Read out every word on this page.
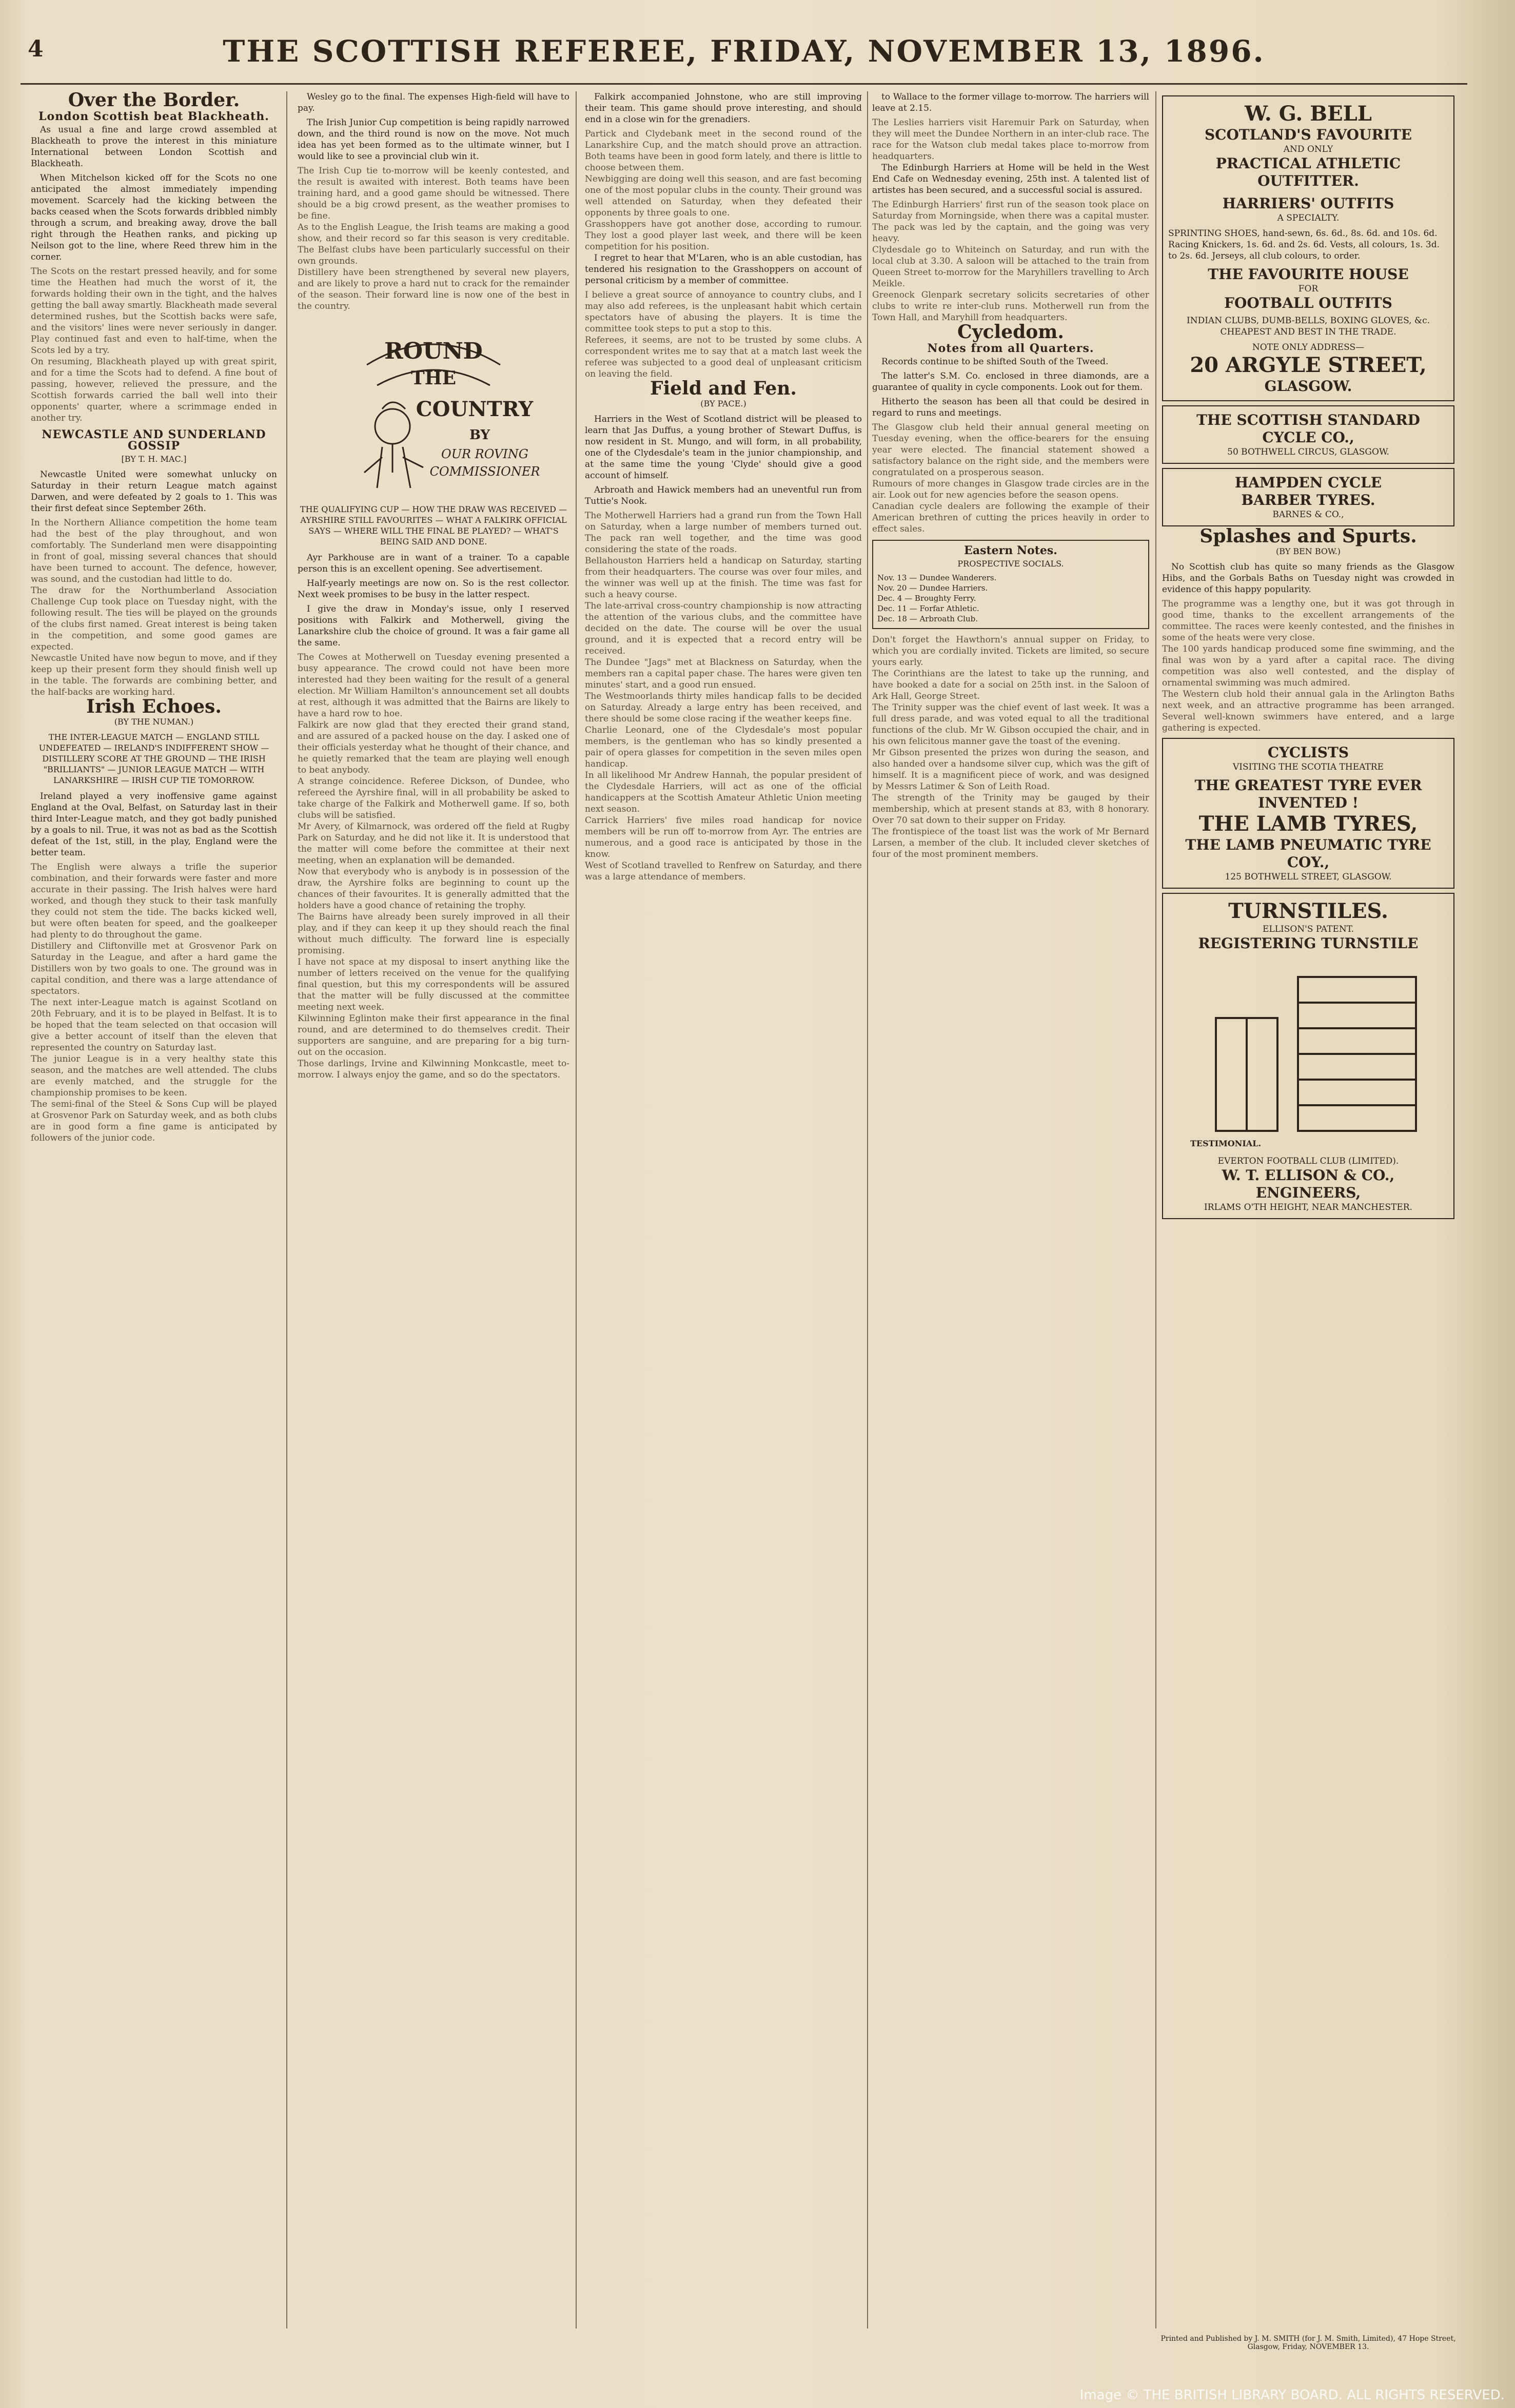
4	THE SCOTTISH REFEREE, FRIDAY, NOVEMBER 13, 1896.
Over the Border.
London Scottish beat Blackheath.

As usual a fine and large crowd assembled at Blackheath to prove the interest in this miniature International between London Scottish and Blackheath.

When Mitchelson kicked off for the Scots no one anticipated the almost immediately impending movement. Scarcely had the kicking between the backs ceased when the Scots forwards dribbled nimbly through a scrum, and breaking away, drove the ball right through the Heathen ranks, and picking up Neilson got to the line, where Reed threw him in the corner.

The Scots on the restart pressed heavily, and for some time the Heathen had much the worst of it, the forwards holding their own in the tight, and the halves getting the ball away smartly. Blackheath made several determined rushes, but the Scottish backs were safe, and the visitors' lines were never seriously in danger. Play continued fast and even to half-time, when the Scots led by a try.

On resuming, Blackheath played up with great spirit, and for a time the Scots had to defend. A fine bout of passing, however, relieved the pressure, and the Scottish forwards carried the ball well into their opponents' quarter, where a scrimmage ended in another try.

NEWCASTLE AND SUNDERLAND GOSSIP
[BY T. H. MAC.]

Newcastle United were somewhat unlucky on Saturday in their return League match against Darwen, and were defeated by 2 goals to 1. This was their first defeat since September 26th.

In the Northern Alliance competition the home team had the best of the play throughout, and won comfortably. The Sunderland men were disappointing in front of goal, missing several chances that should have been turned to account. The defence, however, was sound, and the custodian had little to do.

The draw for the Northumberland Association Challenge Cup took place on Tuesday night, with the following result. The ties will be played on the grounds of the clubs first named. Great interest is being taken in the competition, and some good games are expected.

Newcastle United have now begun to move, and if they keep up their present form they should finish well up in the table. The forwards are combining better, and the half-backs are working hard.

Irish Echoes.
(BY THE NUMAN.)
THE INTER-LEAGUE MATCH — ENGLAND STILL UNDEFEATED — IRELAND'S INDIFFERENT SHOW — DISTILLERY SCORE AT THE GROUND — THE IRISH "BRILLIANTS" — JUNIOR LEAGUE MATCH — WITH LANARKSHIRE — IRISH CUP TIE TOMORROW.

Ireland played a very inoffensive game against England at the Oval, Belfast, on Saturday last in their third Inter-League match, and they got badly punished by a goals to nil. True, it was not as bad as the Scottish defeat of the 1st, still, in the play, England were the better team.

The English were always a trifle the superior combination, and their forwards were faster and more accurate in their passing. The Irish halves were hard worked, and though they stuck to their task manfully they could not stem the tide. The backs kicked well, but were often beaten for speed, and the goalkeeper had plenty to do throughout the game.

Distillery and Cliftonville met at Grosvenor Park on Saturday in the League, and after a hard game the Distillers won by two goals to one. The ground was in capital condition, and there was a large attendance of spectators.

The next inter-League match is against Scotland on 20th February, and it is to be played in Belfast. It is to be hoped that the team selected on that occasion will give a better account of itself than the eleven that represented the country on Saturday last.

The junior League is in a very healthy state this season, and the matches are well attended. The clubs are evenly matched, and the struggle for the championship promises to be keen.

The semi-final of the Steel & Sons Cup will be played at Grosvenor Park on Saturday week, and as both clubs are in good form a fine game is anticipated by followers of the junior code.

Wesley go to the final. The expenses High-field will have to pay.

The Irish Junior Cup competition is being rapidly narrowed down, and the third round is now on the move. Not much idea has yet been formed as to the ultimate winner, but I would like to see a provincial club win it.

The Irish Cup tie to-morrow will be keenly contested, and the result is awaited with interest. Both teams have been training hard, and a good game should be witnessed. There should be a big crowd present, as the weather promises to be fine.

As to the English League, the Irish teams are making a good show, and their record so far this season is very creditable. The Belfast clubs have been particularly successful on their own grounds.

Distillery have been strengthened by several new players, and are likely to prove a hard nut to crack for the remainder of the season. Their forward line is now one of the best in the country.

ROUND
THE
COUNTRY
BY
OUR ROVING
COMMISSIONER
THE QUALIFYING CUP — HOW THE DRAW WAS RECEIVED — AYRSHIRE STILL FAVOURITES — WHAT A FALKIRK OFFICIAL SAYS — WHERE WILL THE FINAL BE PLAYED? — WHAT'S BEING SAID AND DONE.

Ayr Parkhouse are in want of a trainer. To a capable person this is an excellent opening. See advertisement.

Half-yearly meetings are now on. So is the rest collector. Next week promises to be busy in the latter respect.

I give the draw in Monday's issue, only I reserved positions with Falkirk and Motherwell, giving the Lanarkshire club the choice of ground. It was a fair game all the same.

The Cowes at Motherwell on Tuesday evening presented a busy appearance. The crowd could not have been more interested had they been waiting for the result of a general election. Mr William Hamilton's announcement set all doubts at rest, although it was admitted that the Bairns are likely to have a hard row to hoe.

Falkirk are now glad that they erected their grand stand, and are assured of a packed house on the day. I asked one of their officials yesterday what he thought of their chance, and he quietly remarked that the team are playing well enough to beat anybody.

A strange coincidence. Referee Dickson, of Dundee, who refereed the Ayrshire final, will in all probability be asked to take charge of the Falkirk and Motherwell game. If so, both clubs will be satisfied.

Mr Avery, of Kilmarnock, was ordered off the field at Rugby Park on Saturday, and he did not like it. It is understood that the matter will come before the committee at their next meeting, when an explanation will be demanded.

Now that everybody who is anybody is in possession of the draw, the Ayrshire folks are beginning to count up the chances of their favourites. It is generally admitted that the holders have a good chance of retaining the trophy.

The Bairns have already been surely improved in all their play, and if they can keep it up they should reach the final without much difficulty. The forward line is especially promising.

I have not space at my disposal to insert anything like the number of letters received on the venue for the qualifying final question, but this my correspondents will be assured that the matter will be fully discussed at the committee meeting next week.

Kilwinning Eglinton make their first appearance in the final round, and are determined to do themselves credit. Their supporters are sanguine, and are preparing for a big turn-out on the occasion.

Those darlings, Irvine and Kilwinning Monkcastle, meet to-morrow. I always enjoy the game, and so do the spectators.

Falkirk accompanied Johnstone, who are still improving their team. This game should prove interesting, and should end in a close win for the grenadiers.

Partick and Clydebank meet in the second round of the Lanarkshire Cup, and the match should prove an attraction. Both teams have been in good form lately, and there is little to choose between them.

Newbigging are doing well this season, and are fast becoming one of the most popular clubs in the county. Their ground was well attended on Saturday, when they defeated their opponents by three goals to one.

Grasshoppers have got another dose, according to rumour. They lost a good player last week, and there will be keen competition for his position.

I regret to hear that M'Laren, who is an able custodian, has tendered his resignation to the Grasshoppers on account of personal criticism by a member of committee.

I believe a great source of annoyance to country clubs, and I may also add referees, is the unpleasant habit which certain spectators have of abusing the players. It is time the committee took steps to put a stop to this.

Referees, it seems, are not to be trusted by some clubs. A correspondent writes me to say that at a match last week the referee was subjected to a good deal of unpleasant criticism on leaving the field.

Field and Fen.
(BY PACE.)

Harriers in the West of Scotland district will be pleased to learn that Jas Duffus, a young brother of Stewart Duffus, is now resident in St. Mungo, and will form, in all probability, one of the Clydesdale's team in the junior championship, and at the same time the young 'Clyde' should give a good account of himself.

Arbroath and Hawick members had an uneventful run from Tuttie's Nook.

The Motherwell Harriers had a grand run from the Town Hall on Saturday, when a large number of members turned out. The pack ran well together, and the time was good considering the state of the roads.

Bellahouston Harriers held a handicap on Saturday, starting from their headquarters. The course was over four miles, and the winner was well up at the finish. The time was fast for such a heavy course.

The late-arrival cross-country championship is now attracting the attention of the various clubs, and the committee have decided on the date. The course will be over the usual ground, and it is expected that a record entry will be received.

The Dundee "Jags" met at Blackness on Saturday, when the members ran a capital paper chase. The hares were given ten minutes' start, and a good run ensued.

The Westmoorlands thirty miles handicap falls to be decided on Saturday. Already a large entry has been received, and there should be some close racing if the weather keeps fine.

Charlie Leonard, one of the Clydesdale's most popular members, is the gentleman who has so kindly presented a pair of opera glasses for competition in the seven miles open handicap.

In all likelihood Mr Andrew Hannah, the popular president of the Clydesdale Harriers, will act as one of the official handicappers at the Scottish Amateur Athletic Union meeting next season.

Carrick Harriers' five miles road handicap for novice members will be run off to-morrow from Ayr. The entries are numerous, and a good race is anticipated by those in the know.

West of Scotland travelled to Renfrew on Saturday, and there was a large attendance of members.

to Wallace to the former village to-morrow. The harriers will leave at 2.15.

The Leslies harriers visit Haremuir Park on Saturday, when they will meet the Dundee Northern in an inter-club race. The race for the Watson club medal takes place to-morrow from headquarters.

The Edinburgh Harriers at Home will be held in the West End Cafe on Wednesday evening, 25th inst. A talented list of artistes has been secured, and a successful social is assured.

The Edinburgh Harriers' first run of the season took place on Saturday from Morningside, when there was a capital muster. The pack was led by the captain, and the going was very heavy.

Clydesdale go to Whiteinch on Saturday, and run with the local club at 3.30. A saloon will be attached to the train from Queen Street to-morrow for the Maryhillers travelling to Arch Meikle.

Greenock Glenpark secretary solicits secretaries of other clubs to write re inter-club runs. Motherwell run from the Town Hall, and Maryhill from headquarters.

Cycledom.
Notes from all Quarters.

Records continue to be shifted South of the Tweed.

The latter's S.M. Co. enclosed in three diamonds, are a guarantee of quality in cycle components. Look out for them.

Hitherto the season has been all that could be desired in regard to runs and meetings.

The Glasgow club held their annual general meeting on Tuesday evening, when the office-bearers for the ensuing year were elected. The financial statement showed a satisfactory balance on the right side, and the members were congratulated on a prosperous season.

Rumours of more changes in Glasgow trade circles are in the air. Look out for new agencies before the season opens.

Canadian cycle dealers are following the example of their American brethren of cutting the prices heavily in order to effect sales.

Eastern Notes.
PROSPECTIVE SOCIALS.
Nov. 13 — Dundee Wanderers.
Nov. 20 — Dundee Harriers.
Dec. 4 — Broughty Ferry.
Dec. 11 — Forfar Athletic.
Dec. 18 — Arbroath Club.

Don't forget the Hawthorn's annual supper on Friday, to which you are cordially invited. Tickets are limited, so secure yours early.

The Corinthians are the latest to take up the running, and have booked a date for a social on 25th inst. in the Saloon of Ark Hall, George Street.

The Trinity supper was the chief event of last week. It was a full dress parade, and was voted equal to all the traditional functions of the club. Mr W. Gibson occupied the chair, and in his own felicitous manner gave the toast of the evening.

Mr Gibson presented the prizes won during the season, and also handed over a handsome silver cup, which was the gift of himself. It is a magnificent piece of work, and was designed by Messrs Latimer & Son of Leith Road.

The strength of the Trinity may be gauged by their membership, which at present stands at 83, with 8 honorary. Over 70 sat down to their supper on Friday.

The frontispiece of the toast list was the work of Mr Bernard Larsen, a member of the club. It included clever sketches of four of the most prominent members.

W. G. BELL
SCOTLAND'S FAVOURITE
AND ONLY
PRACTICAL ATHLETIC
OUTFITTER.
HARRIERS' OUTFITS
A SPECIALTY.
SPRINTING SHOES, hand-sewn, 6s. 6d., 8s. 6d. and 10s. 6d. Racing Knickers, 1s. 6d. and 2s. 6d. Vests, all colours, 1s. 3d. to 2s. 6d. Jerseys, all club colours, to order.
THE FAVOURITE HOUSE
FOR
FOOTBALL OUTFITS
INDIAN CLUBS, DUMB-BELLS, BOXING GLOVES, &c.
CHEAPEST AND BEST IN THE TRADE.
NOTE ONLY ADDRESS—
20 ARGYLE STREET,
GLASGOW.
THE SCOTTISH STANDARD
CYCLE CO.,
50 BOTHWELL CIRCUS, GLASGOW.
HAMPDEN CYCLE
BARBER TYRES.
BARNES & CO.,
Splashes and Spurts.
(BY BEN BOW.)

No Scottish club has quite so many friends as the Glasgow Hibs, and the Gorbals Baths on Tuesday night was crowded in evidence of this happy popularity.

The programme was a lengthy one, but it was got through in good time, thanks to the excellent arrangements of the committee. The races were keenly contested, and the finishes in some of the heats were very close.

The 100 yards handicap produced some fine swimming, and the final was won by a yard after a capital race. The diving competition was also well contested, and the display of ornamental swimming was much admired.

The Western club hold their annual gala in the Arlington Baths next week, and an attractive programme has been arranged. Several well-known swimmers have entered, and a large gathering is expected.

CYCLISTS
VISITING THE SCOTIA THEATRE
THE GREATEST TYRE EVER INVENTED !
THE LAMB TYRES,
THE LAMB PNEUMATIC TYRE COY.,
125 BOTHWELL STREET, GLASGOW.
TURNSTILES.
ELLISON'S PATENT.
REGISTERING TURNSTILE
TESTIMONIAL.
EVERTON FOOTBALL CLUB (LIMITED).
W. T. ELLISON & CO., ENGINEERS,
IRLAMS O'TH HEIGHT, NEAR MANCHESTER.
Printed and Published by J. M. SMITH (for J. M. Smith, Limited), 47 Hope Street, Glasgow, Friday, NOVEMBER 13.
Image © THE BRITISH LIBRARY BOARD. ALL RIGHTS RESERVED.
